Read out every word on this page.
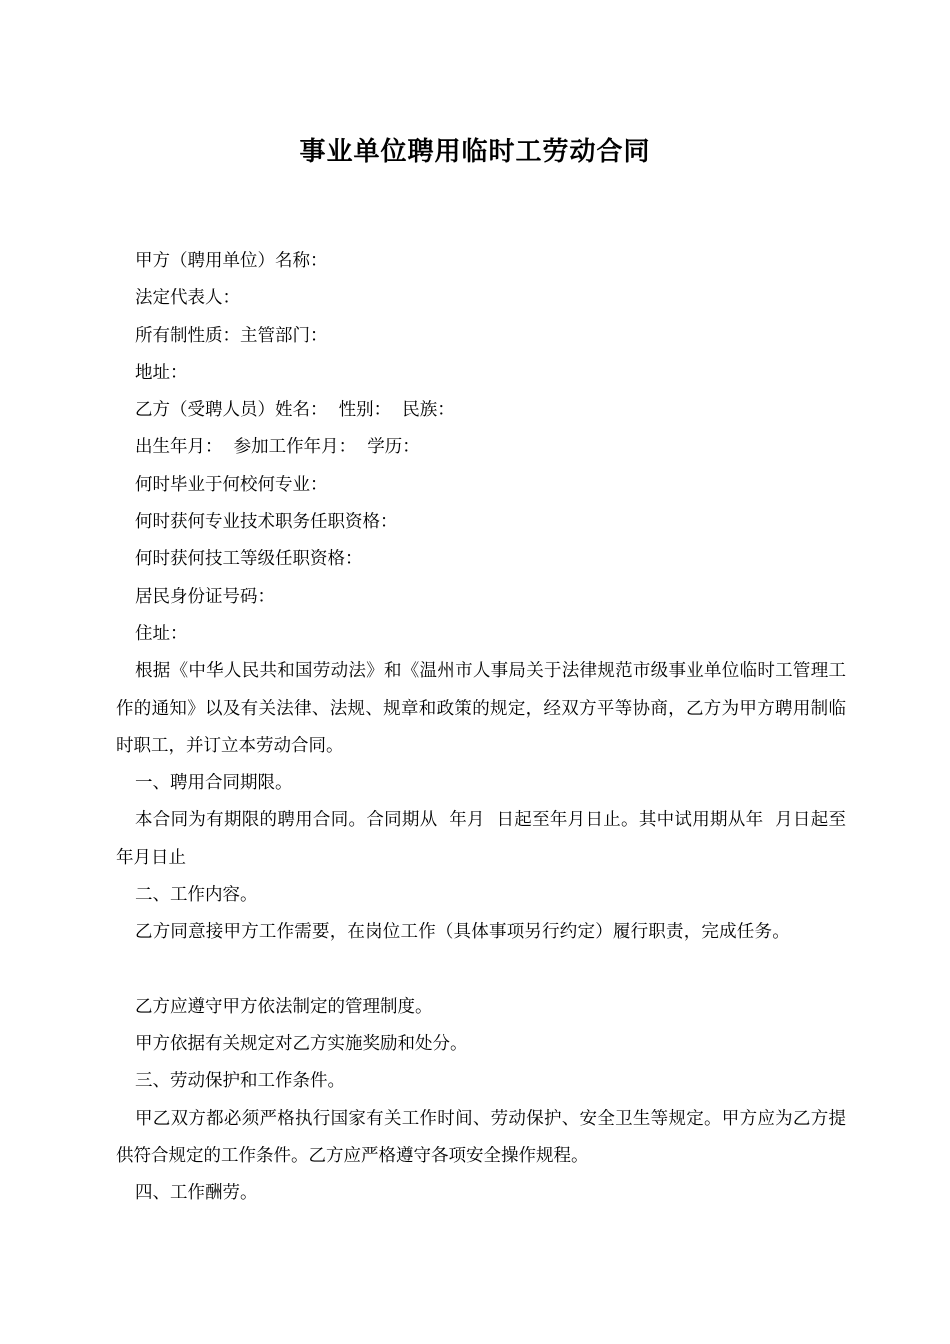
事业单位聘用临时工劳动合同

甲方（聘用单位）名称：

法定代表人：

所有制性质：主管部门：

地址：

乙方（受聘人员）姓名：  性别：  民族：

出生年月：  参加工作年月：  学历：

何时毕业于何校何专业：

何时获何专业技术职务任职资格：

何时获何技工等级任职资格：

居民身份证号码：

住址：

根据《中华人民共和国劳动法》和《温州市人事局关于法律规范市级事业单位临时工管理工作的通知》以及有关法律、法规、规章和政策的规定，经双方平等协商，乙方为甲方聘用制临时职工，并订立本劳动合同。

一、聘用合同期限。

本合同为有期限的聘用合同。合同期从  年月  日起至年月日止。其中试用期从年  月日起至  年月日止

二、工作内容。

乙方同意接甲方工作需要，在岗位工作（具体事项另行约定）履行职责，完成任务。

乙方应遵守甲方依法制定的管理制度。

甲方依据有关规定对乙方实施奖励和处分。

三、劳动保护和工作条件。

甲乙双方都必须严格执行国家有关工作时间、劳动保护、安全卫生等规定。甲方应为乙方提供符合规定的工作条件。乙方应严格遵守各项安全操作规程。

四、工作酬劳。
